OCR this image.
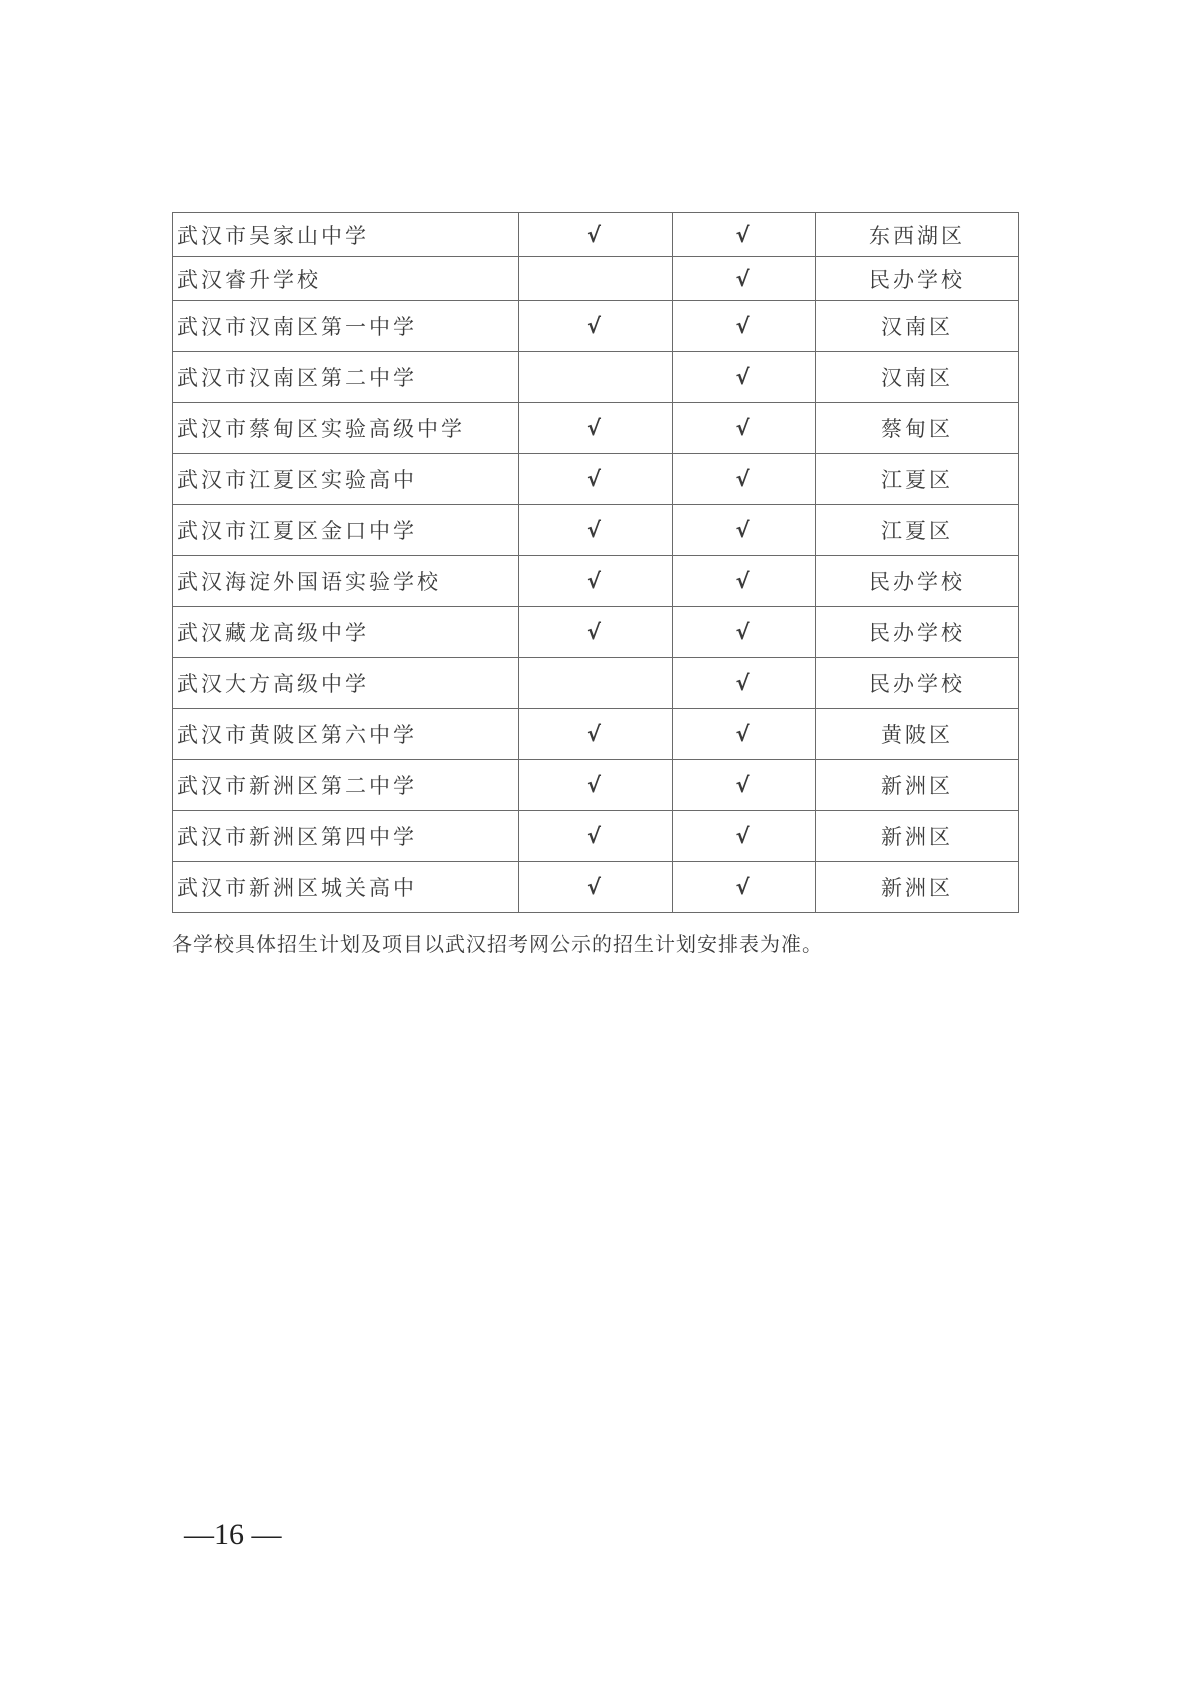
武汉市吴家山中学	√	√	东西湖区
武汉睿升学校		√	民办学校
武汉市汉南区第一中学	√	√	汉南区
武汉市汉南区第二中学		√	汉南区
武汉市蔡甸区实验高级中学	√	√	蔡甸区
武汉市江夏区实验高中	√	√	江夏区
武汉市江夏区金口中学	√	√	江夏区
武汉海淀外国语实验学校	√	√	民办学校
武汉藏龙高级中学	√	√	民办学校
武汉大方高级中学		√	民办学校
武汉市黄陂区第六中学	√	√	黄陂区
武汉市新洲区第二中学	√	√	新洲区
武汉市新洲区第四中学	√	√	新洲区
武汉市新洲区城关高中	√	√	新洲区
各学校具体招生计划及项目以武汉招考网公示的招生计划安排表为准。
—16 —
